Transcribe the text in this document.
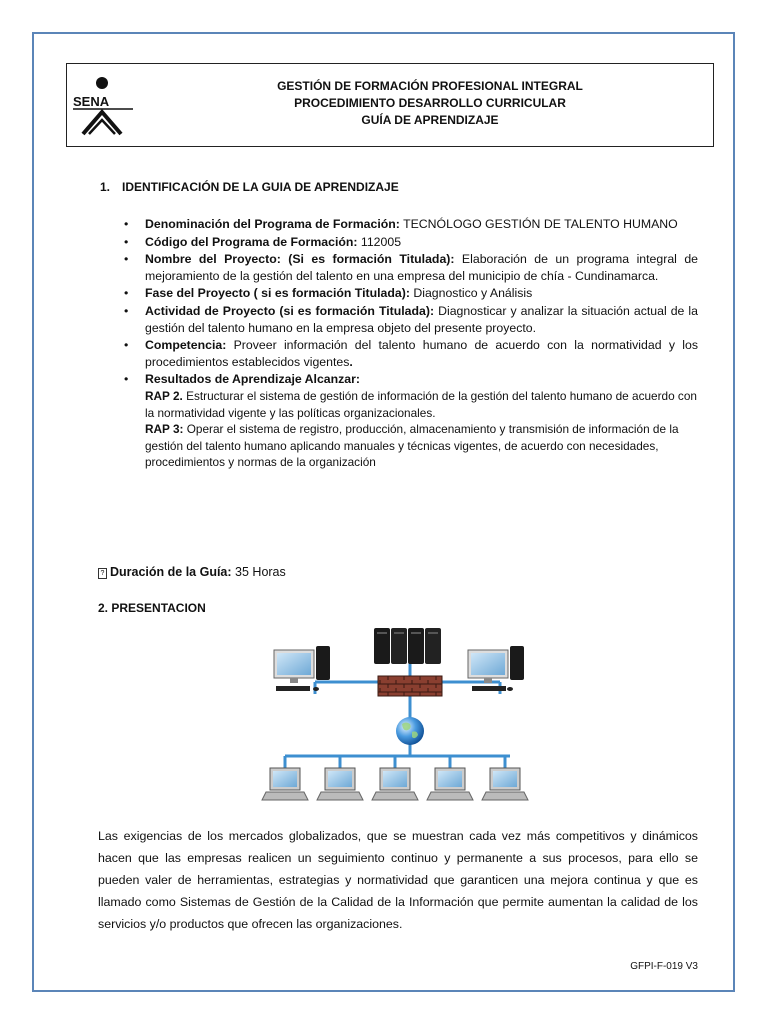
SENA
GESTIÓN DE FORMACIÓN PROFESIONAL INTEGRAL
PROCEDIMIENTO DESARROLLO CURRICULAR
GUÍA DE APRENDIZAJE
1. IDENTIFICACIÓN DE LA GUIA DE APRENDIZAJE
• Denominación del Programa de Formación: TECNÓLOGO GESTIÓN DE TALENTO HUMANO
• Código del Programa de Formación: 112005
• Nombre del Proyecto: (Si es formación Titulada): Elaboración de un programa integral de mejoramiento de la gestión del talento en una empresa del municipio de chía - Cundinamarca.
• Fase del Proyecto ( si es formación Titulada): Diagnostico y Análisis
• Actividad de Proyecto (si es formación Titulada): Diagnosticar y analizar la situación actual de la gestión del talento humano en la empresa objeto del presente proyecto.
• Competencia: Proveer información del talento humano de acuerdo con la normatividad y los procedimientos establecidos vigentes.
• Resultados de Aprendizaje Alcanzar:
RAP 2. Estructurar el sistema de gestión de información de la gestión del talento humano de acuerdo con la normatividad vigente y las políticas organizacionales.
RAP 3: Operar el sistema de registro, producción, almacenamiento y transmisión de información de la gestión del talento humano aplicando manuales y técnicas vigentes, de acuerdo con necesidades, procedimientos y normas de la organización
? Duración de la Guía: 35 Horas
2. PRESENTACION
Las exigencias de los mercados globalizados, que se muestran cada vez más competitivos y dinámicos hacen que las empresas realicen un seguimiento continuo y permanente a sus procesos, para ello se pueden valer de herramientas, estrategias y normatividad que garanticen una mejora continua y que es llamado como Sistemas de Gestión de la Calidad de la Información que permite aumentan la calidad de los servicios y/o productos que ofrecen las organizaciones.
GFPI-F-019 V3
